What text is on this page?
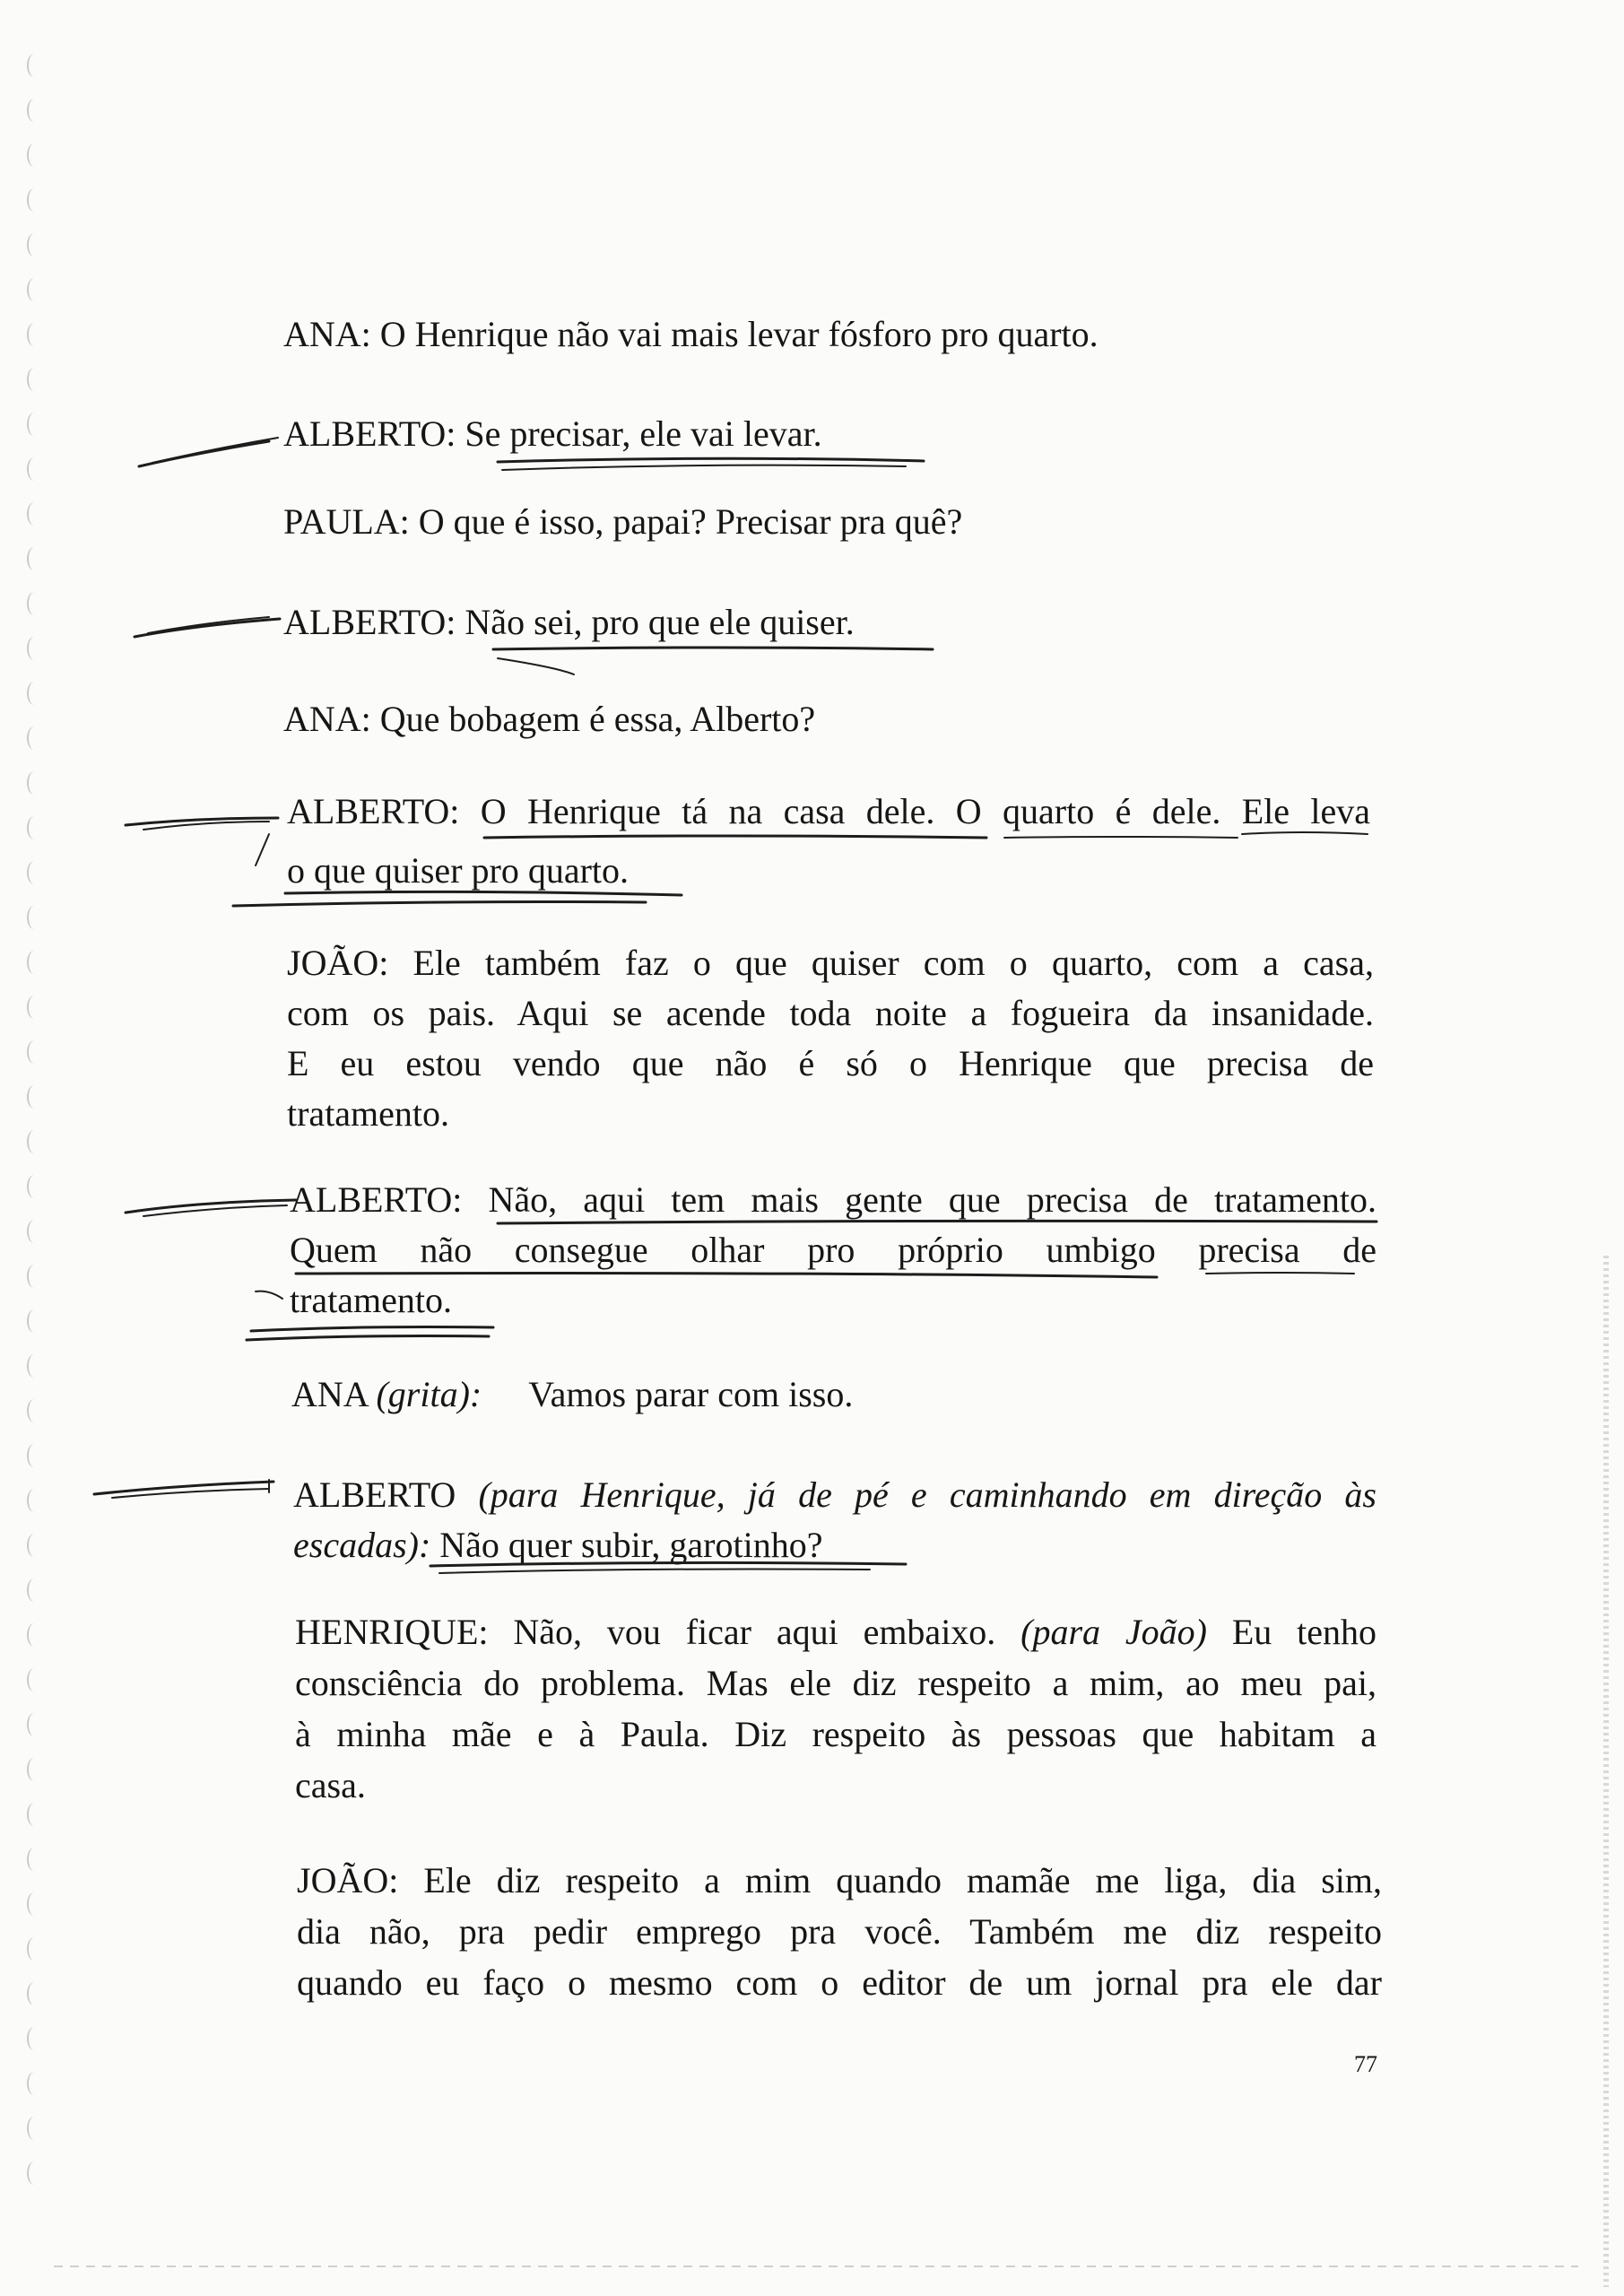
ANA: O Henrique não vai mais levar fósforo pro quarto.

ALBERTO: Se precisar, ele vai levar.

PAULA: O que é isso, papai? Precisar pra quê?

ALBERTO: Não sei, pro que ele quiser.

ANA: Que bobagem é essa, Alberto?

ALBERTO: O Henrique tá na casa dele. O quarto é dele. Ele leva

o que quiser pro quarto.

JOÃO: Ele também faz o que quiser com o quarto, com a casa,

com os pais. Aqui se acende toda noite a fogueira da insanidade.

E eu estou vendo que não é só o Henrique que precisa de

tratamento.

ALBERTO: Não, aqui tem mais gente que precisa de tratamento.

Quem não consegue olhar pro próprio umbigo precisa de

tratamento.

ANA (grita): Vamos parar com isso.

ALBERTO (para Henrique, já de pé e caminhando em direção às

escadas): Não quer subir, garotinho?

HENRIQUE: Não, vou ficar aqui embaixo. (para João) Eu tenho

consciência do problema. Mas ele diz respeito a mim, ao meu pai,

à minha mãe e à Paula. Diz respeito às pessoas que habitam a

casa.

JOÃO: Ele diz respeito a mim quando mamãe me liga, dia sim,

dia não, pra pedir emprego pra você. Também me diz respeito

quando eu faço o mesmo com o editor de um jornal pra ele dar

77
